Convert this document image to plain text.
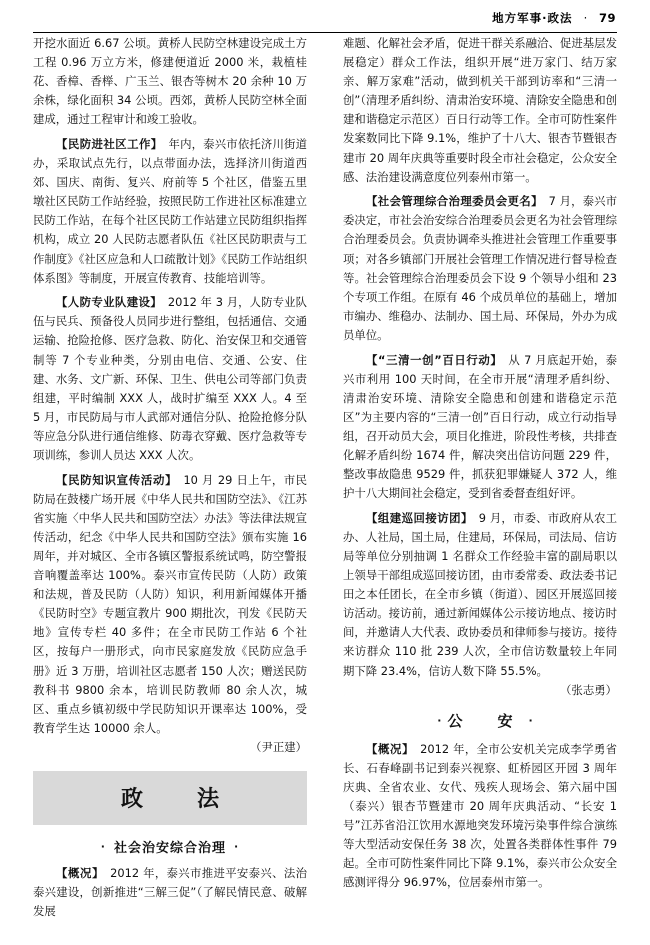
地方军事·政法 · 79

开挖水面近 6.67 公顷。黄桥人民防空林建设完成土方工程 0.96 万立方米，修建便道近 2000 米，栽植桂花、香樟、香榉、广玉兰、银杏等树木 20 余种 10 万余株，绿化面积 34 公顷。西郊，黄桥人民防空林全面建成，通过工程审计和竣工验收。

【民防进社区工作】　年内，泰兴市依托济川街道办，采取试点先行，以点带面办法，选择济川街道西郊、国庆、南街、复兴、府前等 5 个社区，借鉴五里墩社区民防工作站经验，按照民防工作进社区标准建立民防工作站，在每个社区民防工作站建立民防组织指挥机构，成立 20 人民防志愿者队伍《社区民防职责与工作制度》《社区应急和人口疏散计划》《民防工作站组织体系图》等制度，开展宣传教育、技能培训等。

【人防专业队建设】　2012 年 3 月，人防专业队伍与民兵、预备役人员同步进行整组，包括通信、交通运输、抢险抢修、医疗急救、防化、治安保卫和交通管制等 7 个专业种类，分别由电信、交通、公安、住建、水务、文广新、环保、卫生、供电公司等部门负责组建，平时编制 XXX 人，战时扩编至 XXX 人。4 至 5 月，市民防局与市人武部对通信分队、抢险抢修分队等应急分队进行通信维修、防毒衣穿戴、医疗急救等专项训练，参训人员达 XXX 人次。

【民防知识宣传活动】　10 月 29 日上午，市民防局在鼓楼广场开展《中华人民共和国防空法》、《江苏省实施〈中华人民共和国防空法〉办法》等法律法规宣传活动，纪念《中华人民共和国防空法》颁布实施 16 周年，并对城区、全市各镇区警报系统试鸣，防空警报音响覆盖率达 100%。泰兴市宣传民防（人防）政策和法规，普及民防（人防）知识，利用新闻媒体开播《民防时空》专题宣教片 900 期批次，刊发《民防天地》宣传专栏 40 多件；在全市民防工作站 6 个社区，按每户一册形式，向市民家庭发放《民防应急手册》近 3 万册，培训社区志愿者 150 人次；赠送民防教科书 9800 余本，培训民防教师 80 余人次，城区、重点乡镇初级中学民防知识开课率达 100%，受教育学生达 10000 余人。
（尹正建）

政　法
· 社会治安综合治理 ·

【概况】　2012 年，泰兴市推进平安泰兴、法治泰兴建设，创新推进“三解三促”（了解民情民意、破解发展

难题、化解社会矛盾，促进干群关系融洽、促进基层发展稳定）群众工作法，组织开展“进万家门、结万家亲、解万家难”活动，做到机关干部到访率和“三清一创”（清理矛盾纠纷、清肃治安环境、清除安全隐患和创建和谐稳定示范区）百日行动等工作。全市可防性案件发案数同比下降 9.1%，维护了十八大、银杏节暨银杏建市 20 周年庆典等重要时段全市社会稳定，公众安全感、法治建设满意度位列泰州市第一。

【社会管理综合治理委员会更名】　7 月，泰兴市委决定，市社会治安综合治理委员会更名为社会管理综合治理委员会。负责协调牵头推进社会管理工作重要事项；对各乡镇部门开展社会管理工作情况进行督导检查等。社会管理综合治理委员会下设 9 个领导小组和 23 个专项工作组。在原有 46 个成员单位的基础上，增加市编办、维稳办、法制办、国土局、环保局，外办为成员单位。

【“三清一创”百日行动】　从 7 月底起开始，泰兴市利用 100 天时间，在全市开展“清理矛盾纠纷、清肃治安环境、清除安全隐患和创建和谐稳定示范区”为主要内容的“三清一创”百日行动，成立行动指导组，召开动员大会，项目化推进，阶段性考核，共排查化解矛盾纠纷 1674 件，解决突出信访问题 229 件，整改事故隐患 9529 件，抓获犯罪嫌疑人 372 人，维护十八大期间社会稳定，受到省委督查组好评。

【组建巡回接访团】　9 月，市委、市政府从农工办、人社局，国土局，住建局，环保局，司法局、信访局等单位分别抽调 1 名群众工作经验丰富的副局职以上领导干部组成巡回接访团，由市委常委、政法委书记田之本任团长，在全市乡镇（街道）、园区开展巡回接访活动。接访前，通过新闻媒体公示接访地点、接访时间，并邀请人大代表、政协委员和律师参与接访。接待来访群众 110 批 239 人次，全市信访数量较上年同期下降 23.4%，信访人数下降 55.5%。
（张志勇）

· 公　安 ·

【概况】　2012 年，全市公安机关完成李学勇省长、石春峰副书记到泰兴视察、虹桥园区开园 3 周年庆典、全省农业、女代、残疾人现场会、第六届中国（泰兴）银杏节暨建市 20 周年庆典活动、“长安 1 号”江苏省沿江饮用水源地突发环境污染事件综合演练等大型活动安保任务 38 次，处置各类群体性事件 79 起。全市可防性案件同比下降 9.1%，泰兴市公众安全感测评得分 96.97%，位居泰州市第一。
